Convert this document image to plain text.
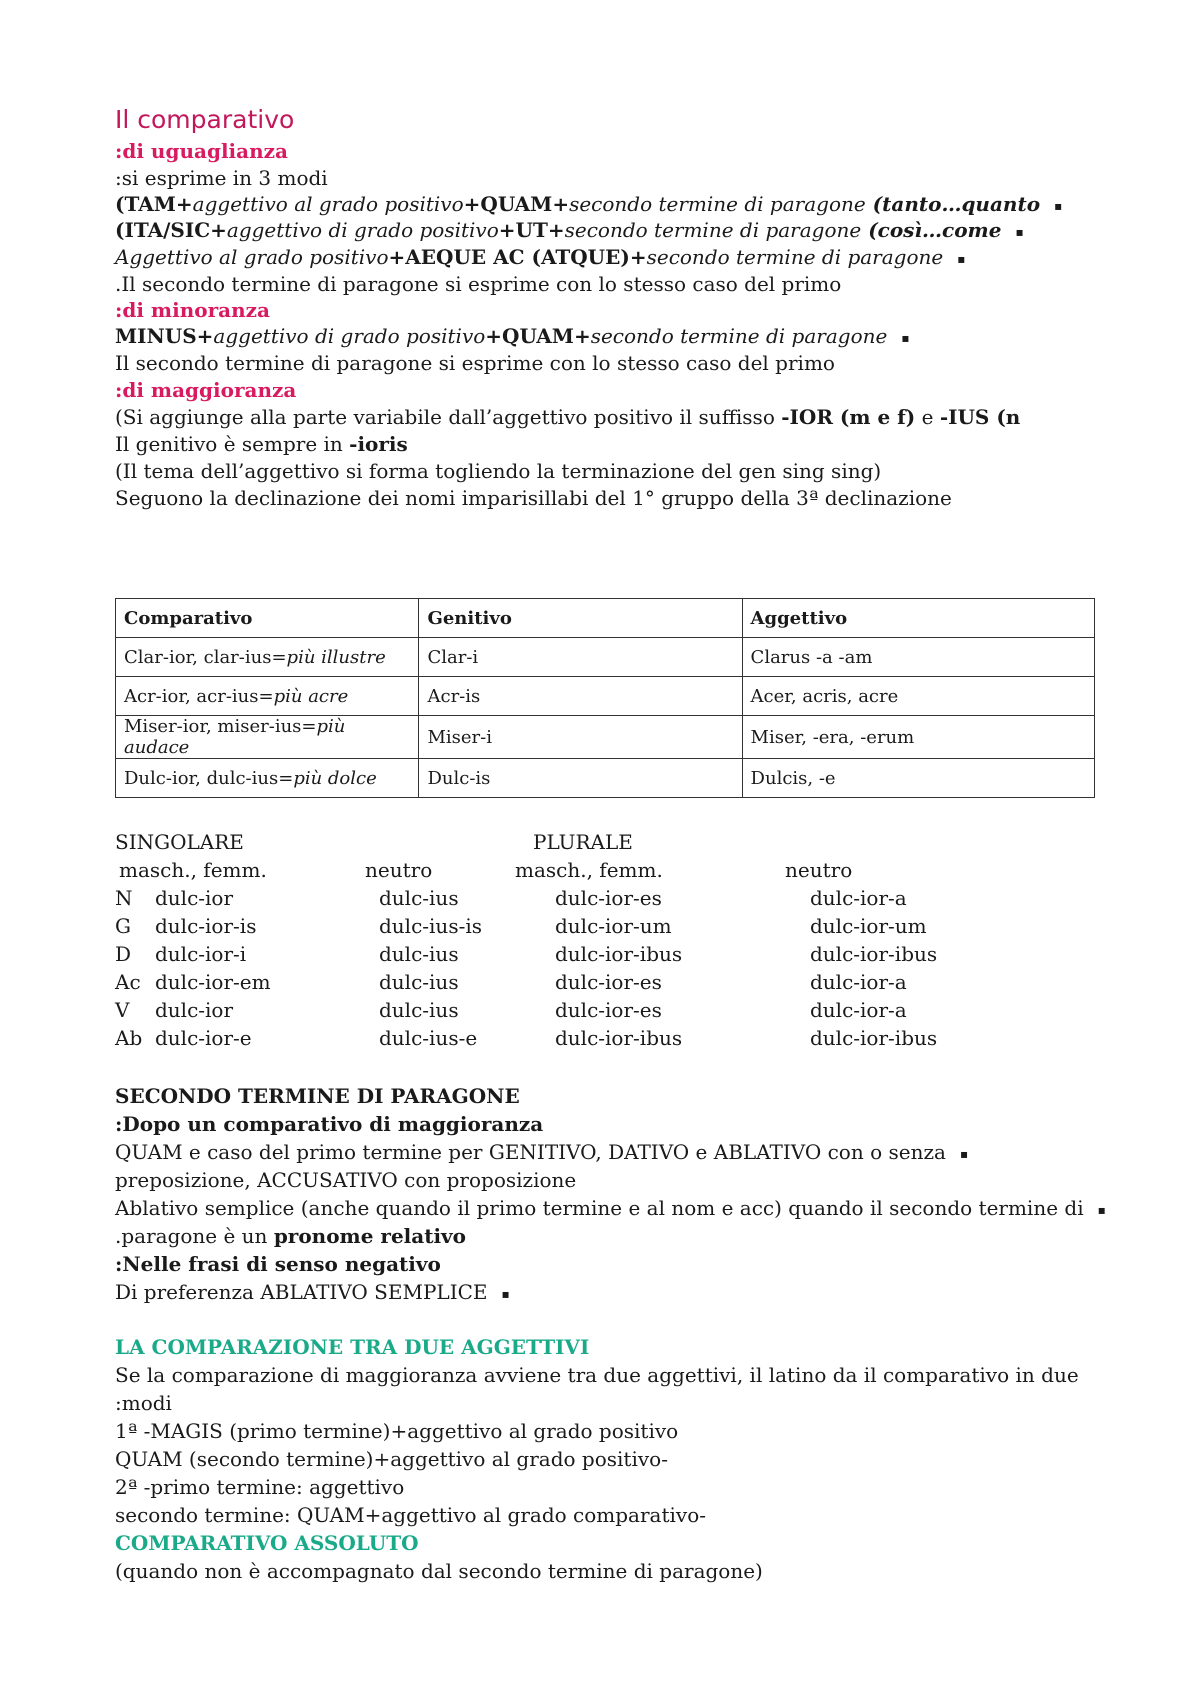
Il comparativo
:di uguaglianza
:si esprime in 3 modi
(TAM+aggettivo al grado positivo+QUAM+secondo termine di paragone (tanto…quanto ▪
(ITA/SIC+aggettivo di grado positivo+UT+secondo termine di paragone (così…come ▪
Aggettivo al grado positivo+AEQUE AC (ATQUE)+secondo termine di paragone ▪
.Il secondo termine di paragone si esprime con lo stesso caso del primo
:di minoranza
MINUS+aggettivo di grado positivo+QUAM+secondo termine di paragone ▪
Il secondo termine di paragone si esprime con lo stesso caso del primo
:di maggioranza
(Si aggiunge alla parte variabile dall’aggettivo positivo il suffisso -IOR (m e f) e -IUS (n
Il genitivo è sempre in -ioris
(Il tema dell’aggettivo si forma togliendo la terminazione del gen sing sing)
Seguono la declinazione dei nomi imparisillabi del 1° gruppo della 3ª declinazione
Comparativo	Genitivo	Aggettivo
Clar-ior, clar-ius=più illustre	Clar-i	Clarus -a -am
Acr-ior, acr-ius=più acre	Acr-is	Acer, acris, acre
Miser-ior, miser-ius=più audace	Miser-i	Miser, -era, -erum
Dulc-ior, dulc-ius=più dolce	Dulc-is	Dulcis, -e
SINGOLARE	PLURALE
masch., femm.	neutro	masch., femm.	neutro
N dulc-ior	dulc-ius	dulc-ior-es	dulc-ior-a
G dulc-ior-is	dulc-ius-is	dulc-ior-um	dulc-ior-um
D dulc-ior-i	dulc-ius	dulc-ior-ibus	dulc-ior-ibus
Ac dulc-ior-em	dulc-ius	dulc-ior-es	dulc-ior-a
V dulc-ior	dulc-ius	dulc-ior-es	dulc-ior-a
Ab dulc-ior-e	dulc-ius-e	dulc-ior-ibus	dulc-ior-ibus
SECONDO TERMINE DI PARAGONE
:Dopo un comparativo di maggioranza
QUAM e caso del primo termine per GENITIVO, DATIVO e ABLATIVO con o senza ▪
preposizione, ACCUSATIVO con proposizione
Ablativo semplice (anche quando il primo termine e al nom e acc) quando il secondo termine di ▪
.paragone è un pronome relativo
:Nelle frasi di senso negativo
Di preferenza ABLATIVO SEMPLICE ▪
LA COMPARAZIONE TRA DUE AGGETTIVI
Se la comparazione di maggioranza avviene tra due aggettivi, il latino da il comparativo in due
:modi
1ª -MAGIS (primo termine)+aggettivo al grado positivo
QUAM (secondo termine)+aggettivo al grado positivo-
2ª -primo termine: aggettivo
secondo termine: QUAM+aggettivo al grado comparativo-
COMPARATIVO ASSOLUTO
(quando non è accompagnato dal secondo termine di paragone)
